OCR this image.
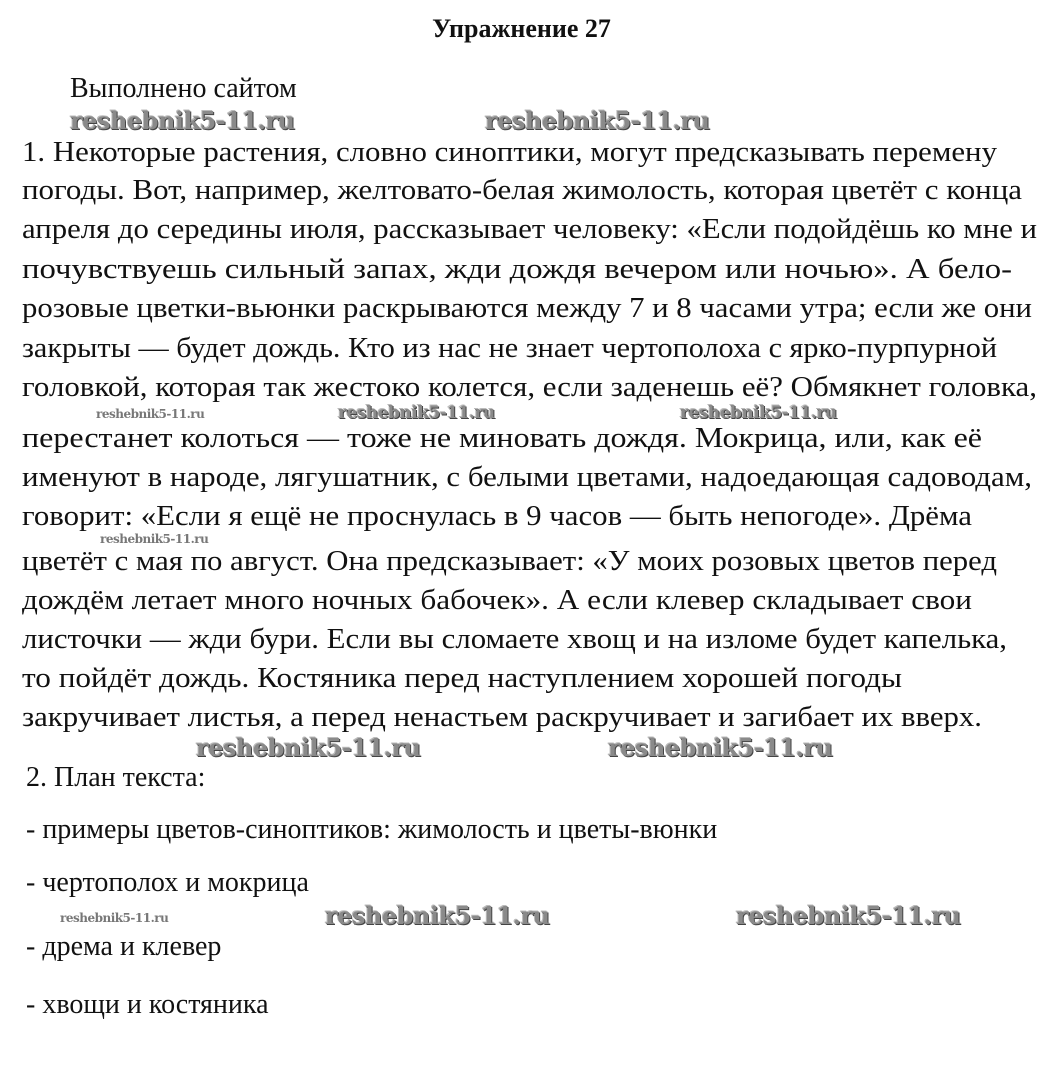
Упражнение 27
Выполнено сайтом
1. Некоторые растения, словно синоптики, могут предсказывать перемену
погоды. Вот, например, желтовато-белая жимолость, которая цветёт с конца
апреля до середины июля, рассказывает человеку: «Если подойдёшь ко мне и
почувствуешь сильный запах, жди дождя вечером или ночью». А бело-
розовые цветки-вьюнки раскрываются между 7 и 8 часами утра; если же они
закрыты — будет дождь. Кто из нас не знает чертополоха с ярко-пурпурной
головкой, которая так жестоко колется, если заденешь её? Обмякнет головка,
перестанет колоться — тоже не миновать дождя. Мокрица, или, как её
именуют в народе, лягушатник, с белыми цветами, надоедающая садоводам,
говорит: «Если я ещё не проснулась в 9 часов — быть непогоде». Дрёма
цветёт с мая по август. Она предсказывает: «У моих розовых цветов перед
дождём летает много ночных бабочек». А если клевер складывает свои
листочки — жди бури. Если вы сломаете хвощ и на изломе будет капелька,
то пойдёт дождь. Костяника перед наступлением хорошей погоды
закручивает листья, а перед ненастьем раскручивает и загибает их вверх.
2. План текста:
- примеры цветов-синоптиков: жимолость и цветы-вюнки
- чертополох и мокрица
- дрема и клевер
- хвощи и костяника
reshebnik5-11.ru	reshebnik5-11.ru
reshebnik5-11.ru	reshebnik5-11.ru	reshebnik5-11.ru
reshebnik5-11.ru
reshebnik5-11.ru	reshebnik5-11.ru
reshebnik5-11.ru	reshebnik5-11.ru	reshebnik5-11.ru
